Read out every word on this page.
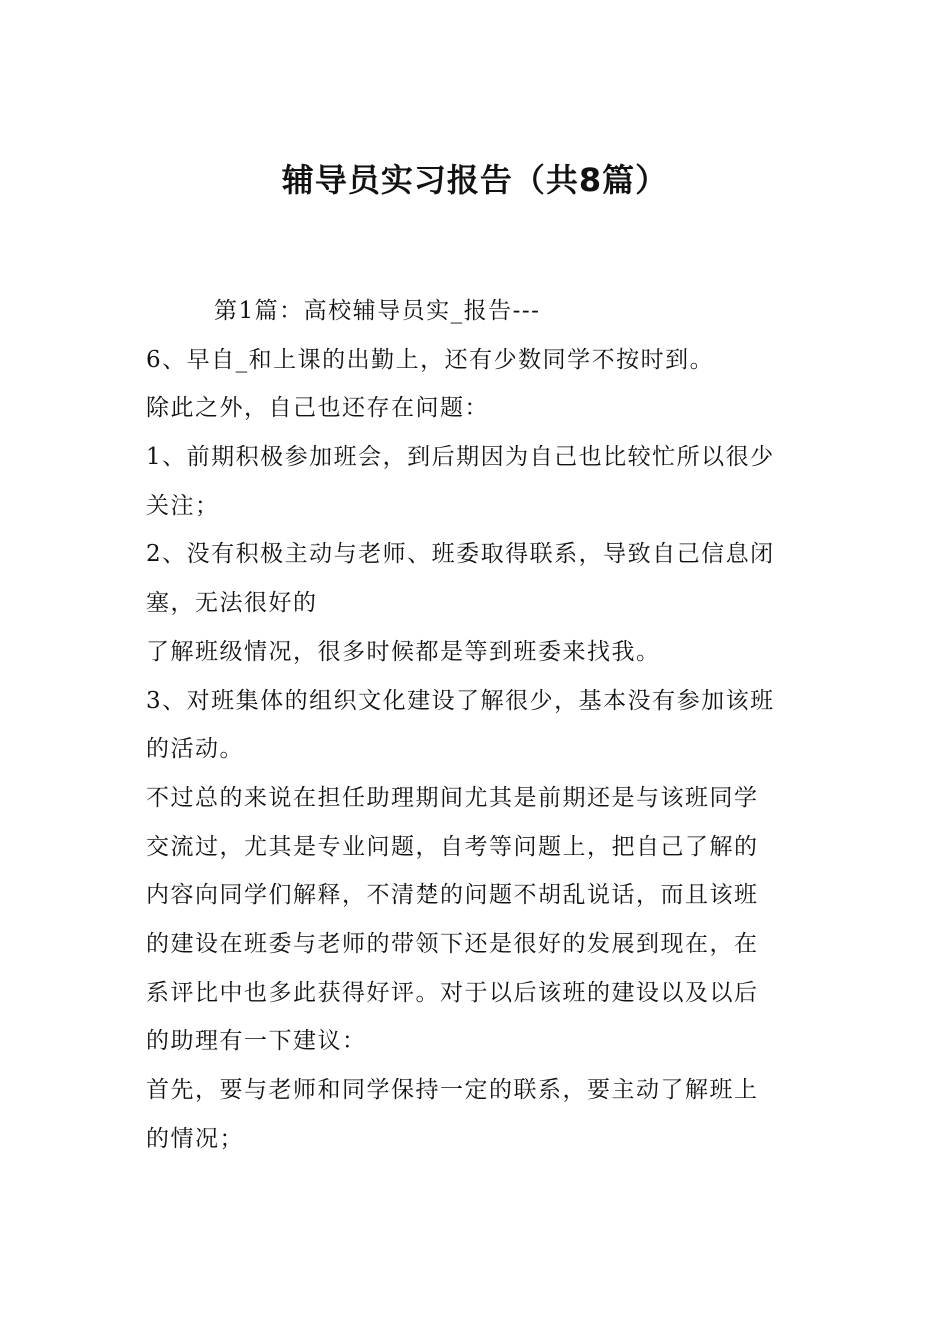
辅导员实习报告（共8篇）
第1篇：高校辅导员实_报告---
6、早自_和上课的出勤上，还有少数同学不按时到。
除此之外，自己也还存在问题：
1、前期积极参加班会，到后期因为自己也比较忙所以很少
关注；
2、没有积极主动与老师、班委取得联系，导致自己信息闭
塞，无法很好的
了解班级情况，很多时候都是等到班委来找我。
3、对班集体的组织文化建设了解很少，基本没有参加该班
的活动。
不过总的来说在担任助理期间尤其是前期还是与该班同学
交流过，尤其是专业问题，自考等问题上，把自己了解的
内容向同学们解释，不清楚的问题不胡乱说话，而且该班
的建设在班委与老师的带领下还是很好的发展到现在，在
系评比中也多此获得好评。对于以后该班的建设以及以后
的助理有一下建议：
首先，要与老师和同学保持一定的联系，要主动了解班上
的情况；
